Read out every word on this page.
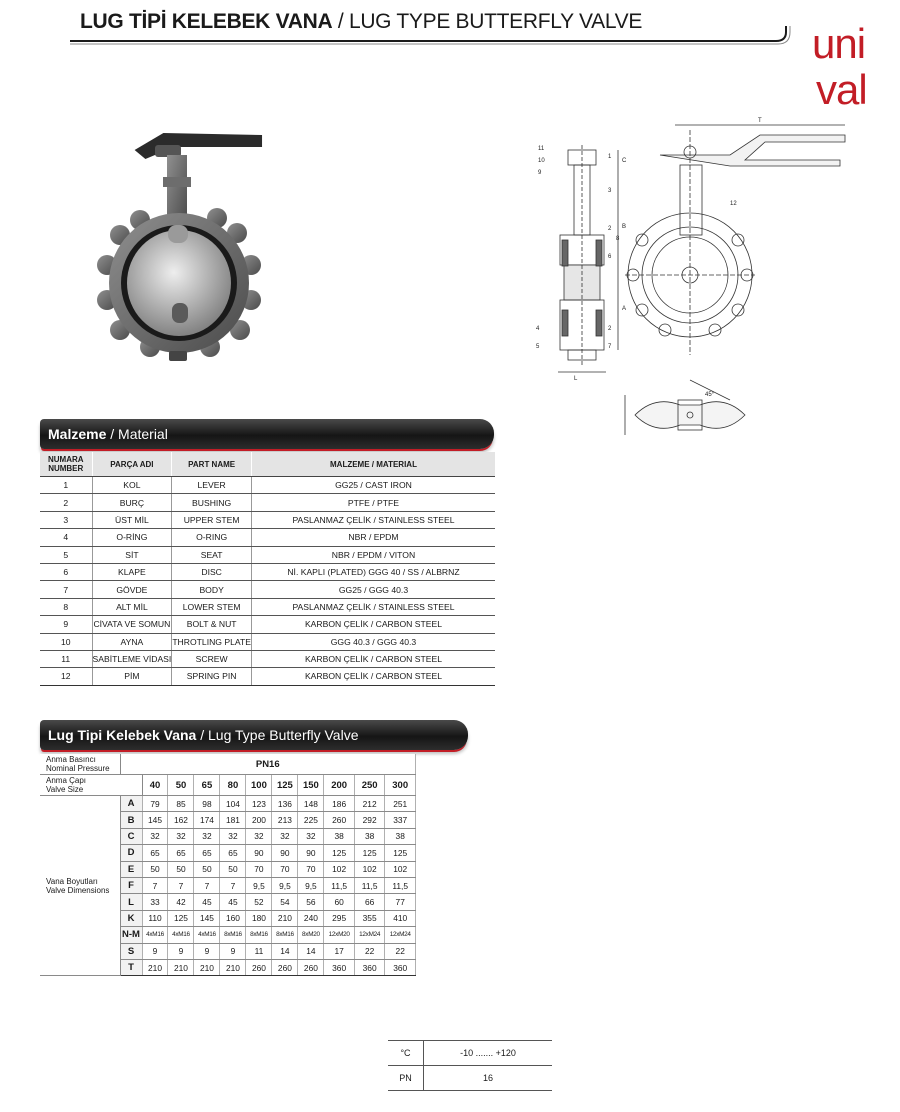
LUG TİPİ KELEBEK VANA / LUG TYPE BUTTERFLY VALVE	uni
val
L
11
10
9
1
3
2
6
4
5
2
7
8
C
B
A
T
12
45°
Malzeme / Material
NUMARA NUMBER	PARÇA ADI	PART NAME	MALZEME / MATERIAL
1	KOL	LEVER	GG25 / CAST IRON
2	BURÇ	BUSHING	PTFE / PTFE
3	ÜST MİL	UPPER STEM	PASLANMAZ ÇELİK / STAINLESS STEEL
4	O-RİNG	O-RING	NBR / EPDM
5	SİT	SEAT	NBR / EPDM / VITON
6	KLAPE	DISC	Nİ. KAPLI (PLATED) GGG 40 / SS / ALBRNZ
7	GÖVDE	BODY	GG25 / GGG 40.3
8	ALT MİL	LOWER STEM	PASLANMAZ ÇELİK / STAINLESS STEEL
9	CİVATA VE SOMUN	BOLT & NUT	KARBON ÇELİK / CARBON STEEL
10	AYNA	THROTLING PLATE	GGG 40.3 / GGG 40.3
11	SABİTLEME VİDASI	SCREW	KARBON ÇELİK / CARBON STEEL
12	PİM	SPRING PIN	KARBON ÇELİK / CARBON STEEL
Lug Tipi Kelebek Vana / Lug Type Butterfly Valve
Anma Basıncı
Nominal Pressure	PN16										

Anma Çapı
Valve Size		40	50	65	80	100	125	150	200	250	300

Vana Boyutları
Valve Dimensions	A	79	85	98	104	123	136	148	186	212	251
	B	145	162	174	181	200	213	225	260	292	337
	C	32	32	32	32	32	32	32	38	38	38
	D	65	65	65	65	90	90	90	125	125	125
	E	50	50	50	50	70	70	70	102	102	102
	F	7	7	7	7	9,5	9,5	9,5	11,5	11,5	11,5
	L	33	42	45	45	52	54	56	60	66	77
	K	110	125	145	160	180	210	240	295	355	410
	N-M	4xM16	4xM16	4xM16	8xM16	8xM16	8xM16	8xM20	12xM20	12xM24	12xM24
	S	9	9	9	9	11	14	14	17	22	22
	T	210	210	210	210	260	260	260	360	360	360
°C	-10 ....... +120
PN	16
